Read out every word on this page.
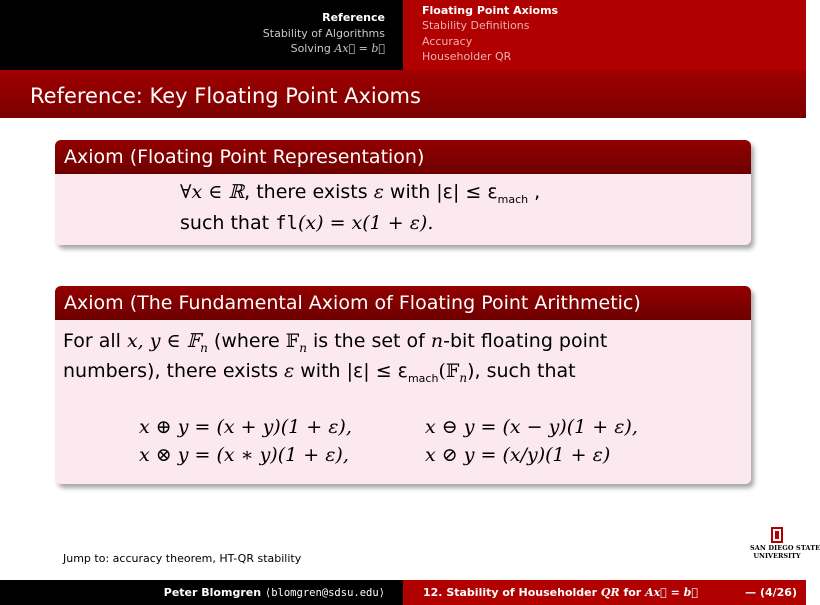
Reference
Stability of Algorithms
Solving Ax⃗ = b⃗
Floating Point Axioms
Stability Definitions
Accuracy
Householder QR
Reference: Key Floating Point Axioms
Axiom (Floating Point Representation)
∀x ∈ ℝ, there exists ε with $|\varepsilon| \le \varepsilon_{mach}$ ,
such that fl(x) = x(1 + ε).
Axiom (The Fundamental Axiom of Floating Point Arithmetic)
For all x, y ∈ 𝔽$_n$ (where 𝔽$_n$ is the set of n-bit floating point
numbers), there exists ε with $|\varepsilon| \le \varepsilon_{mach}(𝔽_n)$, such that
x ⊕ y = (x + y)(1 + ε),	x ⊖ y = (x − y)(1 + ε),
x ⊗ y = (x ∗ y)(1 + ε),	x ⊘ y = (x/y)(1 + ε)
Jump to: accuracy theorem, HT-QR stability
SAN DIEGO STATE
UNIVERSITY
Peter Blomgren ⟨blomgren@sdsu.edu⟩	12. Stability of Householder QR for Ax⃗ = b⃗	— (4/26)
